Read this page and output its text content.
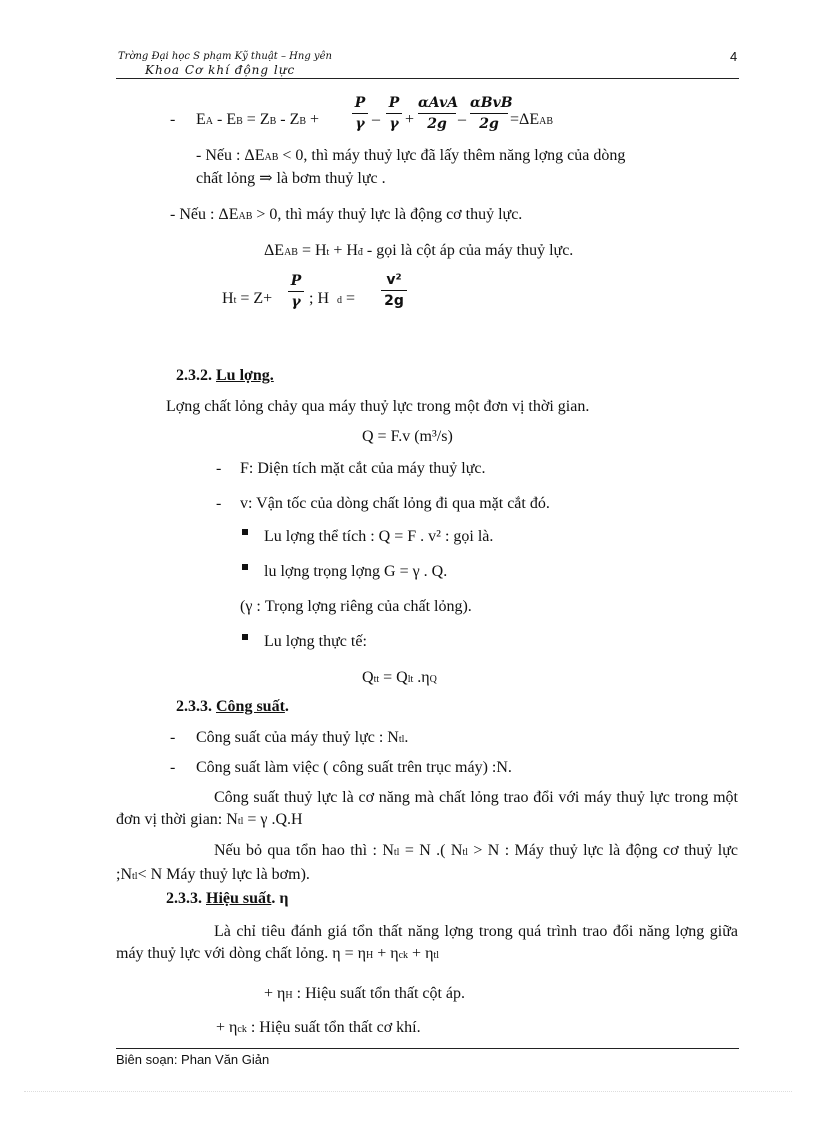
Trờng Đại học S phạm Kỹ thuật – Hng yên	4
Khoa Cơ khí động lực
- EA - EB = ZB - ZB +
P
γ –
P
γ +
αAvA
2g –
αBvB
2g =ΔEAB
- Nếu : ΔEAB < 0, thì máy thuỷ lực đã lấy thêm năng lợng của dòng
chất lỏng ⇒ là bơm thuỷ lực .
- Nếu : ΔEAB > 0, thì máy thuỷ lực là động cơ thuỷ lực.
ΔEAB = Ht + Hđ - gọi là cột áp của máy thuỷ lực.
Ht = Z+
P
γ ; H d =
v²
2g
2.3.2. Lu lợng.
Lợng chất lỏng chảy qua máy thuỷ lực trong một đơn vị thời gian.
Q = F.v (m³/s)
- F: Diện tích mặt cắt của máy thuỷ lực.
- v: Vận tốc của dòng chất lỏng đi qua mặt cắt đó.
Lu lợng thể tích : Q = F . v² : gọi là.
lu lợng trọng lợng G = γ . Q.
(γ : Trọng lợng riêng của chất lỏng).
Lu lợng thực tế:
Qtt = Qlt .ηQ
2.3.3. Công suất.
- Công suất của máy thuỷ lực : Ntl.
- Công suất làm việc ( công suất trên trục máy) :N.
Công suất thuỷ lực là cơ năng mà chất lỏng trao đổi với máy thuỷ lực trong một đơn vị thời gian: Ntl = γ .Q.H
Nếu bỏ qua tổn hao thì : Ntl = N .( Ntl > N : Máy thuỷ lực là động cơ thuỷ lực ;Ntl< N Máy thuỷ lực là bơm).
2.3.3. Hiệu suất. η
Là chỉ tiêu đánh giá tổn thất năng lợng trong quá trình trao đổi năng lợng giữa máy thuỷ lực với dòng chất lỏng. η = ηH + ηck + ηtl
+ ηH : Hiệu suất tổn thất cột áp.
+ ηck : Hiệu suất tổn thất cơ khí.
Biên soạn: Phan Văn Giản
